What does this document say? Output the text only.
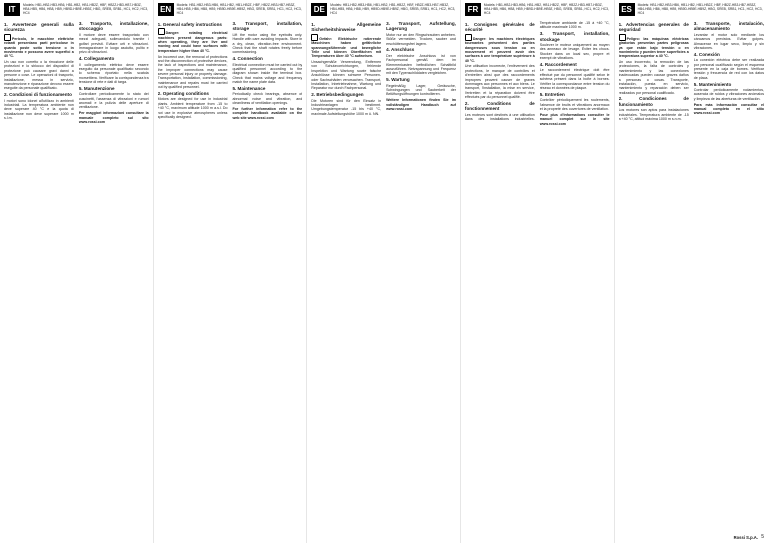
IT	Models: HB1-HB2-HB3-HB6, HB1-HB2, HB1-HB2Z, HBF, HB2Z-HB3-HB7-HB3Z, HB4-HB5, HB6, HB8, HB9, HB9D-HB9E-HB9Z, HBG, SREB, SRB1, HC1, HC2, HC3, HC4
1. Avvertenze generali sulla sicurezza

Pericolo, le macchine elettriche rotanti presentano parti pericolose in quanto poste sotto tensione o in movimento e possono avere superfici a 40 °C.

Un uso non corretto o la rimozione delle protezioni e lo sblocco dei dispositivi di protezione può causare gravi danni a persone o cose. Le operazioni di trasporto, installazione, messa in servizio, manutenzione e riparazione devono essere eseguite da personale qualificato.

2. Condizioni di funzionamento

I motori sono idonei all'utilizzo in ambienti industriali. La temperatura ambiente non deve superare 40 °C e la quota di installazione non deve superare 1000 m s.l.m.

3. Trasporto, installazione, stoccaggio

Il motore deve essere trasportato con mezzi adeguati, sollevandolo tramite i golfari previsti. Evitare urti e vibrazioni. Immagazzinare in luogo asciutto, pulito e privo di vibrazioni.

4. Collegamento

Il collegamento elettrico deve essere eseguito da personale qualificato secondo lo schema riportato nella scatola morsettiera. Verificare la corrispondenza tra tensione di rete e dati di targa.

5. Manutenzione

Controllare periodicamente lo stato dei cuscinetti, l'assenza di vibrazioni e rumori anomali e la pulizia delle aperture di ventilazione.

Per maggiori informazioni consultare la manuale completo sul sito www.rossi.com

EN	Models: HB1-HB2-HB3-HB6, HB1-HB2, HB1-HB2Z, HBF, HB2Z-HB3-HB7-HB3Z, HB4-HB5, HB6, HB8, HB9, HB9D-HB9E-HB9Z, HBG, SREB, SRB1, HC1, HC2, HC3, HC4
1. General safety instructions

Danger: rotating electrical machines present dangerous parts: when operating, they are live and moving and could have surfaces with temperature higher than 40 °C.

An incorrect use, the removal of protections and the disconnection of protective devices, the lack of inspections and maintenance, the improper connections may cause severe personal injury or property damage. Transportation, installation, commissioning, maintenance and repairs must be carried out by qualified personnel.

2. Operating conditions

Motors are designed for use in industrial plants. Ambient temperature from -15 to +40 °C, maximum altitude 1000 m a.s.l. Do not use in explosive atmospheres unless specifically designed.

3. Transport, installation, storage

Lift the motor using the eyebolts only. Handle with care avoiding impacts. Store in a dry, clean, vibration-free environment. Check that the shaft rotates freely before commissioning.

4. Connection

Electrical connection must be carried out by qualified personnel according to the diagram shown inside the terminal box. Check that mains voltage and frequency match the name plate data.

5. Maintenance

Periodically check bearings, absence of abnormal noise and vibration, and cleanliness of ventilation openings.

For further information refer to the complete handbook available on the web site www.rossi.com

DE	Models: HB1-HB2-HB3-HB6, HB1-HB2, HB1-HB2Z, HBF, HB2Z-HB3-HB7-HB3Z, HB4-HB5, HB6, HB8, HB9, HB9D-HB9E-HB9Z, HBG, SREB, SRB1, HC1, HC2, HC3, HC4
1. Allgemeine Sicherheitshinweise

Gefahr: Elektrische rotierende Maschinen haben gefährliche spannungsführende und bewegliche Teile und können Oberflächen mit Temperaturen über 40 °C aufweisen.

Unsachgemäße Verwendung, Entfernen von Schutzvorrichtungen, fehlende Inspektion und Wartung sowie falsche Anschlüsse können schwere Personen- oder Sachschäden verursachen. Transport, Installation, Inbetriebnahme, Wartung und Reparatur nur durch Fachpersonal.

2. Betriebsbedingungen

Die Motoren sind für den Einsatz in Industrieanlagen bestimmt. Umgebungstemperatur -15 bis +40 °C, maximale Aufstellungshöhe 1000 m ü. NN.

3. Transport, Aufstellung, Lagerung

Motor nur an den Ringschrauben anheben. Stöße vermeiden. Trocken, sauber und erschütterungsfrei lagern.

4. Anschluss

Der elektrische Anschluss ist von Fachpersonal gemäß dem im Klemmenkasten befindlichen Schaltbild auszuführen. Netzspannung und Frequenz mit den Typenschilddaten vergleichen.

5. Wartung

Regelmäßig Lager, Geräusche, Schwingungen und Sauberkeit der Belüftungsöffnungen kontrollieren.

Weitere Informationen finden Sie im vollständigen Handbuch auf www.rossi.com

FR	Models: HB1-HB2-HB3-HB6, HB1-HB2, HB1-HB2Z, HBF, HB2Z-HB3-HB7-HB3Z, HB4-HB5, HB6, HB8, HB9, HB9D-HB9E-HB9Z, HBG, SREB, SRB1, HC1, HC2, HC3, HC4
1. Consignes générales de sécurité

Danger: les machines électriques tournantes présentent des parties dangereuses sous tension ou en mouvement et peuvent avoir des surfaces à une température supérieure à 40 °C.

Une utilisation incorrecte, l'enlèvement des protections, le manque de contrôles et d'entretien ainsi que des raccordements impropres peuvent causer de graves dommages aux personnes et aux biens. Le transport, l'installation, la mise en service, l'entretien et la réparation doivent être effectués par du personnel qualifié.

2. Conditions de fonctionnement

Les moteurs sont destinés à une utilisation dans des installations industrielles. Température ambiante de -15 à +40 °C, altitude maximale 1000 m.

3. Transport, installation, stockage

Soulever le moteur uniquement au moyen des anneaux de levage. Éviter les chocs. Stocker dans un local sec, propre et exempt de vibrations.

4. Raccordement

Le raccordement électrique doit être effectué par du personnel qualifié selon le schéma présent dans la boîte à bornes. Vérifier la correspondance entre tension du réseau et données de plaque.

5. Entretien

Contrôler périodiquement les roulements, l'absence de bruits et vibrations anormaux et la propreté des ouvertures de ventilation.

Pour plus d'informations consulter le manuel complet sur le site www.rossi.com

ES	Models: HB1-HB2-HB3-HB6, HB1-HB2, HB1-HB2Z, HBF, HB2Z-HB3-HB7-HB3Z, HB4-HB5, HB6, HB8, HB9, HB9D-HB9E-HB9Z, HBG, SREB, SRB1, HC1, HC2, HC3, HC4
1. Advertencias generales de seguridad

Peligro: las máquinas eléctricas giratorias presentan partes peligrosas ya que están bajo tensión o en movimiento y pueden tener superficies a temperatura superior a 40 °C.

Un uso incorrecto, la remoción de las protecciones, la falta de controles y mantenimiento y las conexiones inadecuadas pueden causar graves daños a personas o cosas. Transporte, instalación, puesta en servicio, mantenimiento y reparación deben ser realizados por personal cualificado.

2. Condiciones de funcionamiento

Los motores son aptos para instalaciones industriales. Temperatura ambiente de -15 a +40 °C, altitud máxima 1000 m s.n.m.

3. Transporte, instalación, almacenamiento

Levantar el motor solo mediante los cáncamos previstos. Evitar golpes. Almacenar en lugar seco, limpio y sin vibraciones.

4. Conexión

La conexión eléctrica debe ser realizada por personal cualificado según el esquema presente en la caja de bornes. Verificar tensión y frecuencia de red con los datos de placa.

5. Mantenimiento

Controlar periódicamente rodamientos, ausencia de ruidos y vibraciones anómalos y limpieza de las aberturas de ventilación.

Para más información consultar el manual completo en el sitio www.rossi.com

Rossi S.p.A. 5
